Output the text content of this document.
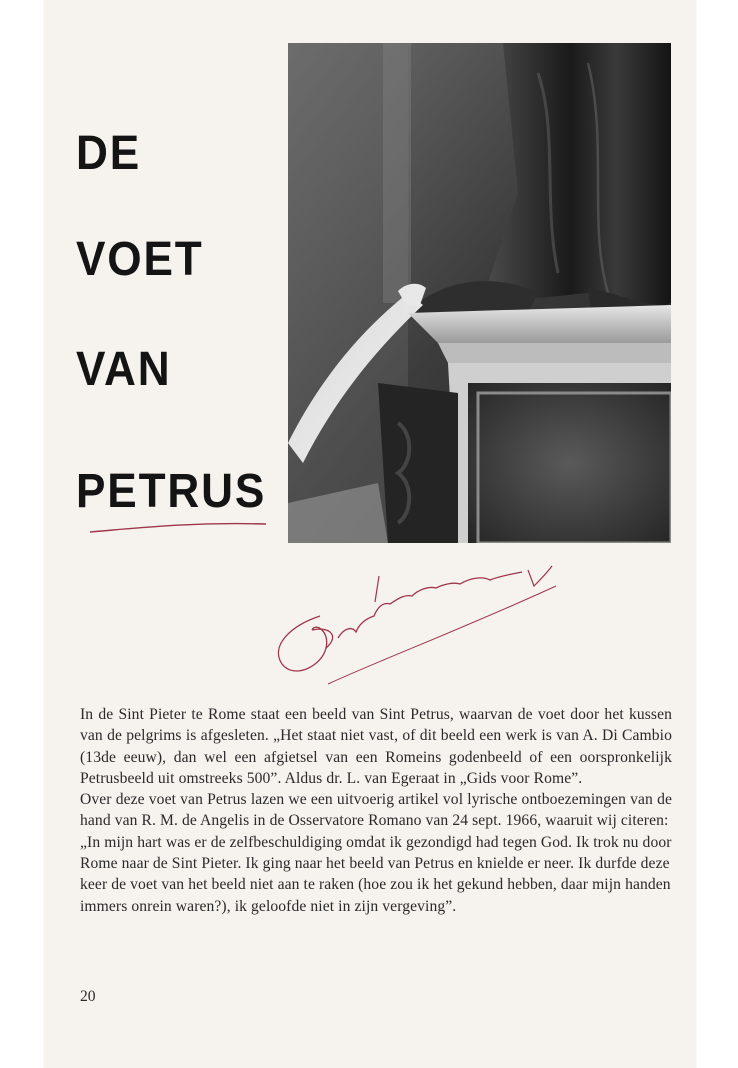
DE
VOET
VAN
PETRUS

In de Sint Pieter te Rome staat een beeld van Sint Petrus, waarvan de voet door het kussen van de pelgrims is afgesleten. „Het staat niet vast, of dit beeld een werk is van A. Di Cambio (13de eeuw), dan wel een afgietsel van een Romeins godenbeeld of een oorspronkelijk Petrusbeeld uit omstreeks 500”. Aldus dr. L. van Egeraat in „Gids voor Rome”.

Over deze voet van Petrus lazen we een uitvoerig artikel vol lyrische ontboezemingen van de hand van R. M. de Angelis in de Osservatore Romano van 24 sept. 1966, waaruit wij citeren:

„In mijn hart was er de zelfbeschuldiging omdat ik gezondigd had tegen God. Ik trok nu door Rome naar de Sint Pieter. Ik ging naar het beeld van Petrus en knielde er neer. Ik durfde deze keer de voet van het beeld niet aan te raken (hoe zou ik het gekund hebben, daar mijn handen immers onrein waren?), ik geloofde niet in zijn vergeving”.

20
